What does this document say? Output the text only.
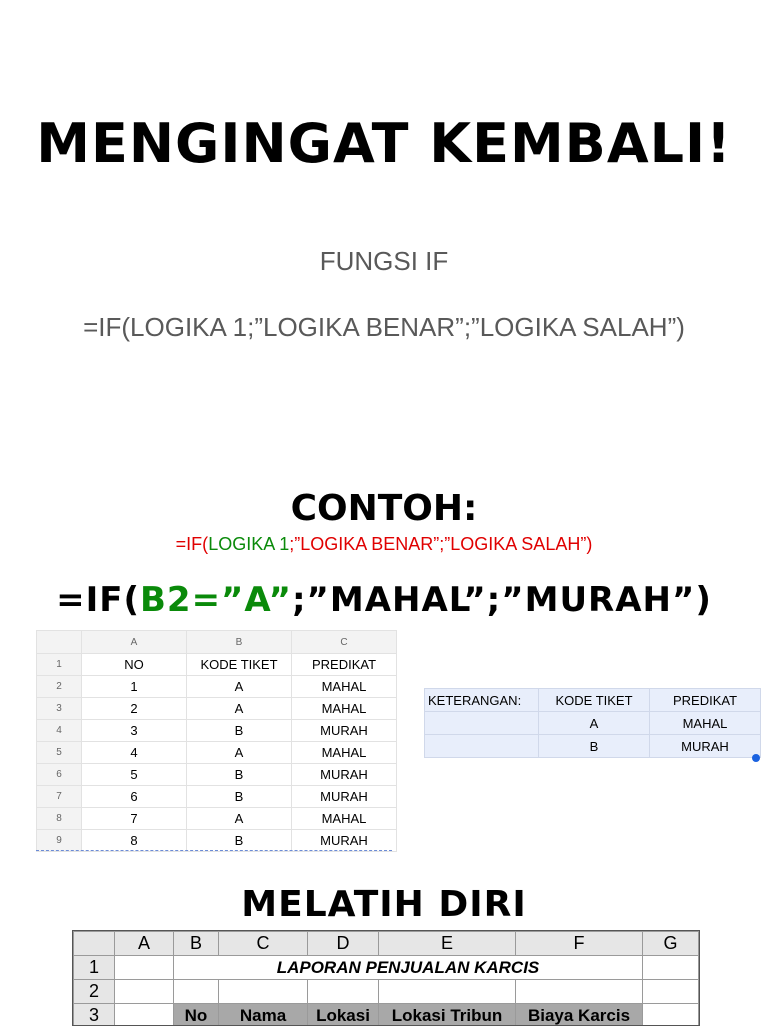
MENGINGAT KEMBALI!
FUNGSI IF
=IF(LOGIKA 1;”LOGIKA BENAR”;”LOGIKA SALAH”)
CONTOH:
=IF(LOGIKA 1;”LOGIKA BENAR”;”LOGIKA SALAH”)
=IF(B2=”A”;”MAHAL”;”MURAH”)
	A	B	C
1	NO	KODE TIKET	PREDIKAT
2	1	A	MAHAL
3	2	A	MAHAL
4	3	B	MURAH
5	4	A	MAHAL
6	5	B	MURAH
7	6	B	MURAH
8	7	A	MAHAL
9	8	B	MURAH
KETERANGAN:	KODE TIKET	PREDIKAT
	A	MAHAL
	B	MURAH
MELATIH DIRI
	A	B	C	D	E	F	G
1		LAPORAN PENJUALAN KARCIS					
2							
3		No	Nama	Lokasi	Lokasi Tribun	Biaya Karcis	
